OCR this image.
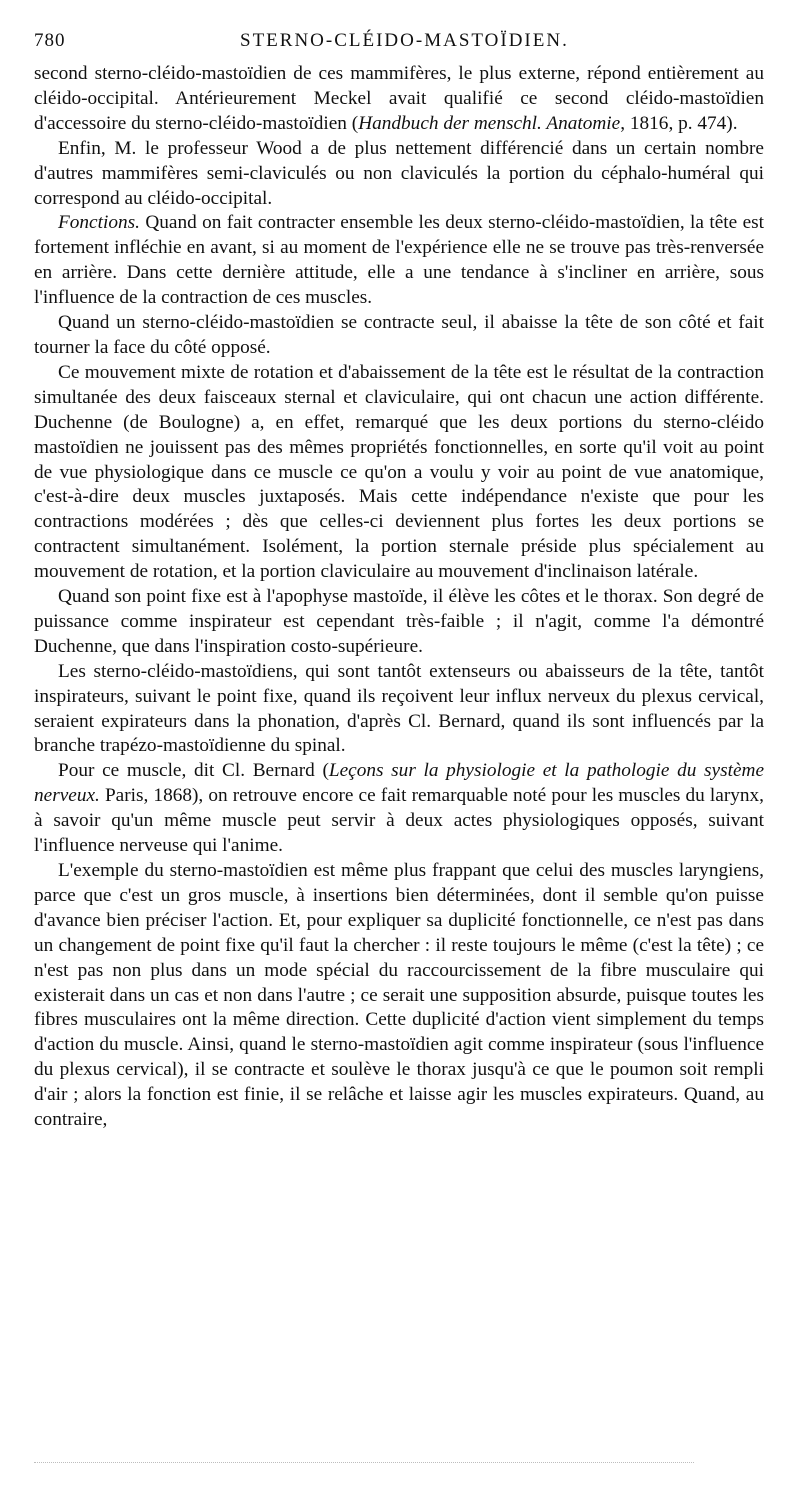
780	STERNO-CLÉIDO-MASTOÏDIEN.

second sterno-cléido-mastoïdien de ces mammifères, le plus externe, répond entièrement au cléido-occipital. Antérieurement Meckel avait qualifié ce second cléido-mastoïdien d'accessoire du sterno-cléido-mastoïdien (Handbuch der menschl. Anatomie, 1816, p. 474).

Enfin, M. le professeur Wood a de plus nettement différencié dans un certain nombre d'autres mammifères semi-claviculés ou non claviculés la portion du céphalo-huméral qui correspond au cléido-occipital.

Fonctions. Quand on fait contracter ensemble les deux sterno-cléido-mastoïdien, la tête est fortement infléchie en avant, si au moment de l'expérience elle ne se trouve pas très-renversée en arrière. Dans cette dernière attitude, elle a une tendance à s'incliner en arrière, sous l'influence de la contraction de ces muscles.

Quand un sterno-cléido-mastoïdien se contracte seul, il abaisse la tête de son côté et fait tourner la face du côté opposé.

Ce mouvement mixte de rotation et d'abaissement de la tête est le résultat de la contraction simultanée des deux faisceaux sternal et claviculaire, qui ont chacun une action différente. Duchenne (de Boulogne) a, en effet, remarqué que les deux portions du sterno-cléido mastoïdien ne jouissent pas des mêmes propriétés fonctionnelles, en sorte qu'il voit au point de vue physiologique dans ce muscle ce qu'on a voulu y voir au point de vue anatomique, c'est-à-dire deux muscles juxtaposés. Mais cette indépendance n'existe que pour les contractions modérées ; dès que celles-ci deviennent plus fortes les deux portions se contractent simultanément. Isolément, la portion sternale préside plus spécialement au mouvement de rotation, et la portion claviculaire au mouvement d'inclinaison latérale.

Quand son point fixe est à l'apophyse mastoïde, il élève les côtes et le thorax. Son degré de puissance comme inspirateur est cependant très-faible ; il n'agit, comme l'a démontré Duchenne, que dans l'inspiration costo-supérieure.

Les sterno-cléido-mastoïdiens, qui sont tantôt extenseurs ou abaisseurs de la tête, tantôt inspirateurs, suivant le point fixe, quand ils reçoivent leur influx nerveux du plexus cervical, seraient expirateurs dans la phonation, d'après Cl. Bernard, quand ils sont influencés par la branche trapézo-mastoïdienne du spinal.

Pour ce muscle, dit Cl. Bernard (Leçons sur la physiologie et la pathologie du système nerveux. Paris, 1868), on retrouve encore ce fait remarquable noté pour les muscles du larynx, à savoir qu'un même muscle peut servir à deux actes physiologiques opposés, suivant l'influence nerveuse qui l'anime.

L'exemple du sterno-mastoïdien est même plus frappant que celui des muscles laryngiens, parce que c'est un gros muscle, à insertions bien déterminées, dont il semble qu'on puisse d'avance bien préciser l'action. Et, pour expliquer sa duplicité fonctionnelle, ce n'est pas dans un changement de point fixe qu'il faut la chercher : il reste toujours le même (c'est la tête) ; ce n'est pas non plus dans un mode spécial du raccourcissement de la fibre musculaire qui existerait dans un cas et non dans l'autre ; ce serait une supposition absurde, puisque toutes les fibres musculaires ont la même direction. Cette duplicité d'action vient simplement du temps d'action du muscle. Ainsi, quand le sterno-mastoïdien agit comme inspirateur (sous l'influence du plexus cervical), il se contracte et soulève le thorax jusqu'à ce que le poumon soit rempli d'air ; alors la fonction est finie, il se relâche et laisse agir les muscles expirateurs. Quand, au contraire,
